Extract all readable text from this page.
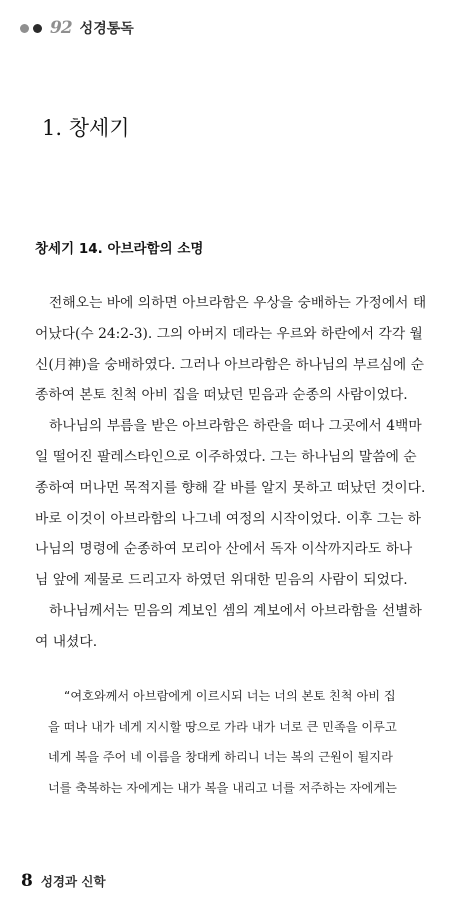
92 성경통독
1. 창세기
창세기 14. 아브라함의 소명
전해오는 바에 의하면 아브라함은 우상을 숭배하는 가정에서 태
어났다(수 24:2-3). 그의 아버지 데라는 우르와 하란에서 각각 월
신(月神)을 숭배하였다. 그러나 아브라함은 하나님의 부르심에 순
종하여 본토 친척 아비 집을 떠났던 믿음과 순종의 사람이었다.
하나님의 부름을 받은 아브라함은 하란을 떠나 그곳에서 4백마
일 떨어진 팔레스타인으로 이주하였다. 그는 하나님의 말씀에 순
종하여 머나먼 목적지를 향해 갈 바를 알지 못하고 떠났던 것이다.
바로 이것이 아브라함의 나그네 여정의 시작이었다. 이후 그는 하
나님의 명령에 순종하여 모리아 산에서 독자 이삭까지라도 하나
님 앞에 제물로 드리고자 하였던 위대한 믿음의 사람이 되었다.
하나님께서는 믿음의 계보인 셈의 계보에서 아브라함을 선별하
여 내셨다.
“여호와께서 아브람에게 이르시되 너는 너의 본토 친척 아비 집
을 떠나 내가 네게 지시할 땅으로 가라 내가 너로 큰 민족을 이루고
네게 복을 주어 네 이름을 창대케 하리니 너는 복의 근원이 될지라
너를 축복하는 자에게는 내가 복을 내리고 너를 저주하는 자에게는
8 성경과 신학
